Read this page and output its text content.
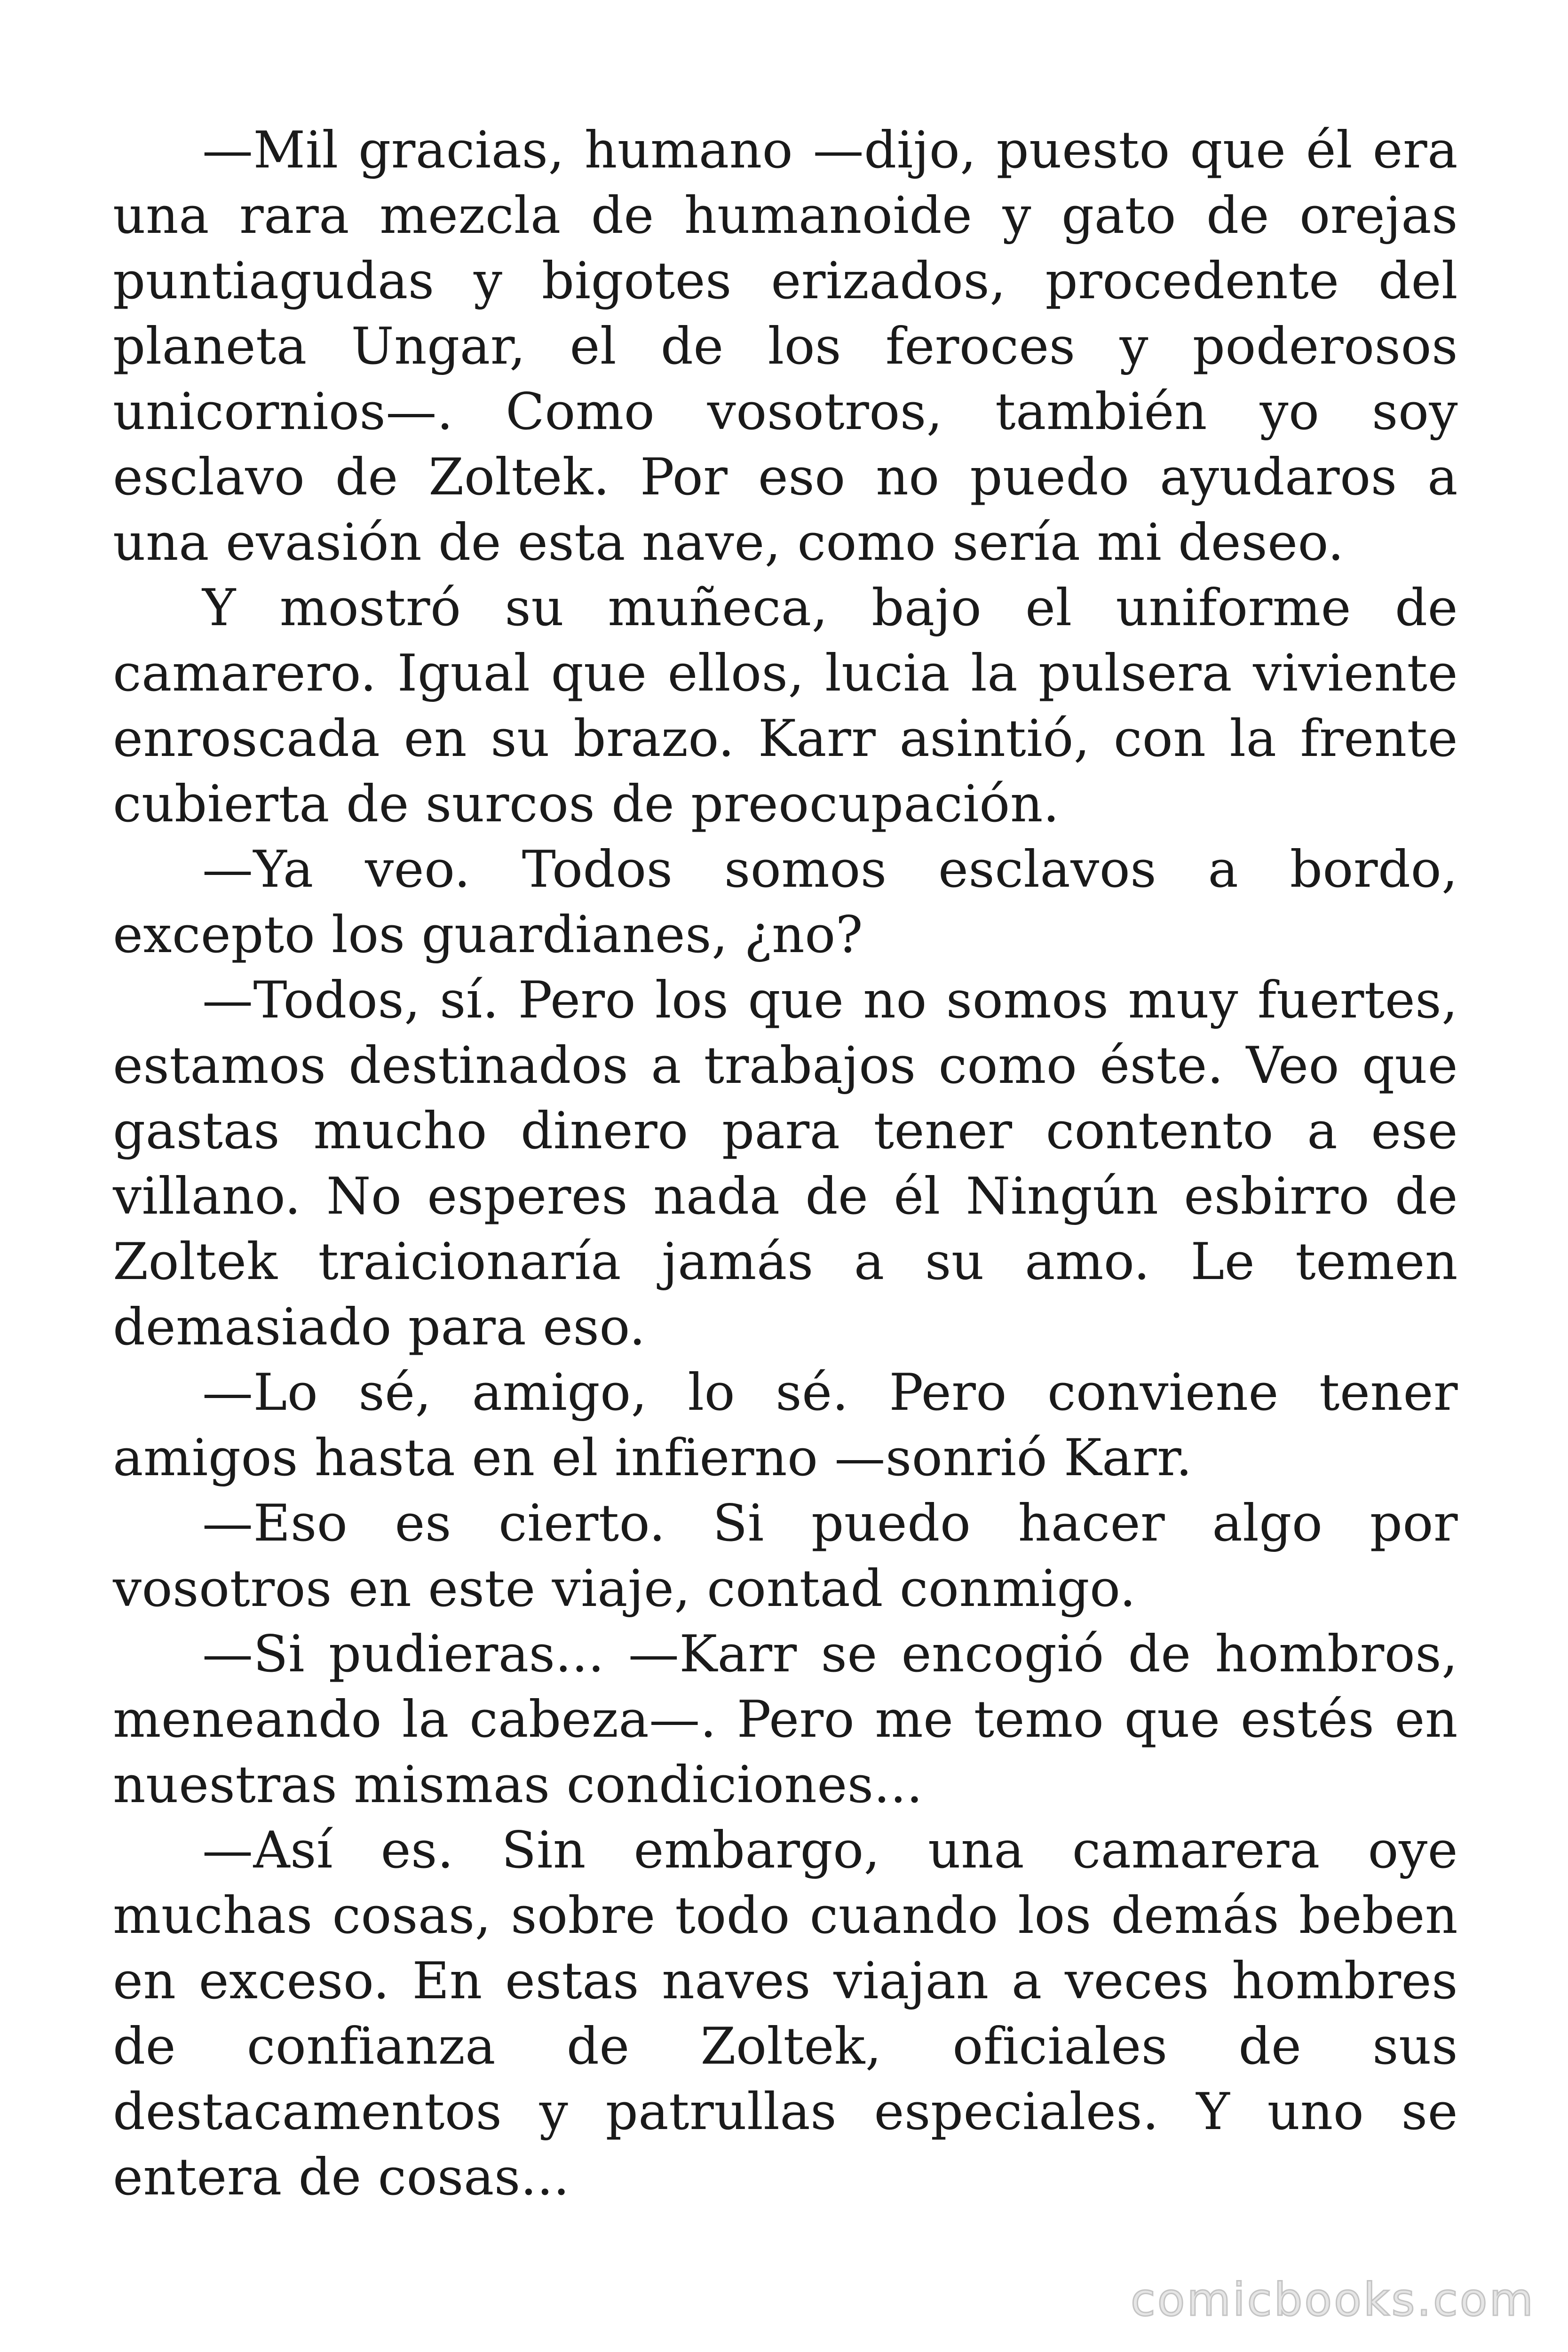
—Mil gracias, humano —dijo, puesto que él era una rara mezcla de humanoide y gato de orejas puntiagudas y bigotes erizados, procedente del planeta Ungar, el de los feroces y poderosos unicornios—. Como vosotros, también yo soy esclavo de Zoltek. Por eso no puedo ayudaros a una evasión de esta nave, como sería mi deseo.

Y mostró su muñeca, bajo el uniforme de camarero. Igual que ellos, lucia la pulsera viviente enroscada en su brazo. Karr asintió, con la frente cubierta de surcos de preocupación.

—Ya veo. Todos somos esclavos a bordo, excepto los guardianes, ¿no?

—Todos, sí. Pero los que no somos muy fuertes, estamos destinados a trabajos como éste. Veo que gastas mucho dinero para tener contento a ese villano. No esperes nada de él Ningún esbirro de Zoltek traicionaría jamás a su amo. Le temen demasiado para eso.

—Lo sé, amigo, lo sé. Pero conviene tener amigos hasta en el infierno —sonrió Karr.

—Eso es cierto. Si puedo hacer algo por vosotros en este viaje, contad conmigo.

—Si pudieras... —Karr se encogió de hombros, meneando la cabeza—. Pero me temo que estés en nuestras mismas condiciones...

—Así es. Sin embargo, una camarera oye muchas cosas, sobre todo cuando los demás beben en exceso. En estas naves viajan a veces hombres de confianza de Zoltek, oficiales de sus destacamentos y patrullas especiales. Y uno se entera de cosas...

comicbooks.com
